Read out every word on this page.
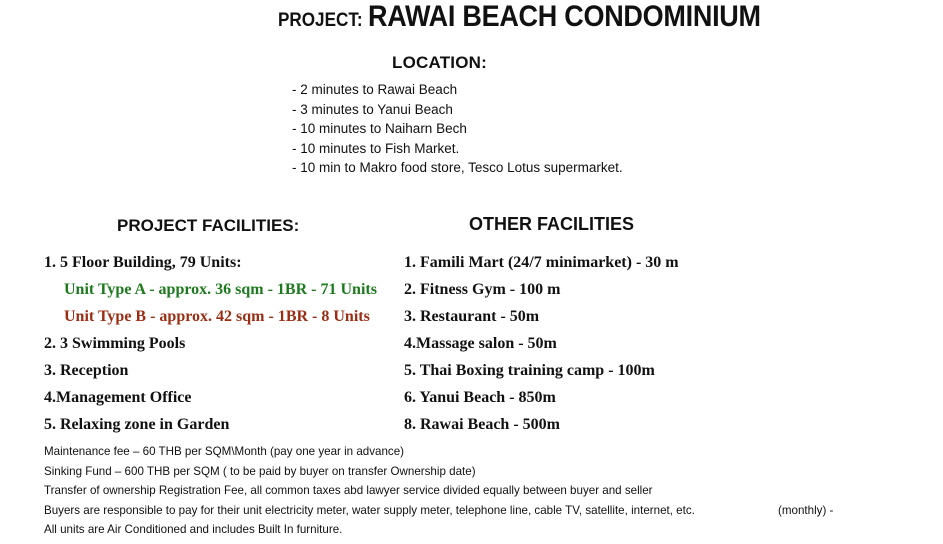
PROJECT: RAWAI BEACH CONDOMINIUM
LOCATION:
- 2 minutes to Rawai Beach
- 3 minutes to Yanui Beach
- 10 minutes to Naiharn Bech
- 10 minutes to Fish Market.
- 10 min to Makro food store, Tesco Lotus supermarket.
PROJECT FACILITIES:	OTHER FACILITIES
1. 5 Floor Building, 79 Units:
Unit Type A - approx. 36 sqm - 1BR - 71 Units
Unit Type B - approx. 42 sqm - 1BR - 8 Units
2. 3 Swimming Pools
3. Reception
4.Management Office
5. Relaxing zone in Garden
1. Famili Mart (24/7 minimarket) - 30 m
2. Fitness Gym - 100 m
3. Restaurant - 50m
4.Massage salon - 50m
5. Thai Boxing training camp - 100m
6. Yanui Beach - 850m
8. Rawai Beach - 500m
Maintenance fee – 60 THB per SQM\Month (pay one year in advance)
Sinking Fund – 600 THB per SQM ( to be paid by buyer on transfer Ownership date)
Transfer of ownership Registration Fee, all common taxes abd lawyer service divided equally between buyer and seller
Buyers are responsible to pay for their unit electricity meter, water supply meter, telephone line, cable TV, satellite, internet, etc.	(monthly) -
All units are Air Conditioned and includes Built In furniture.
